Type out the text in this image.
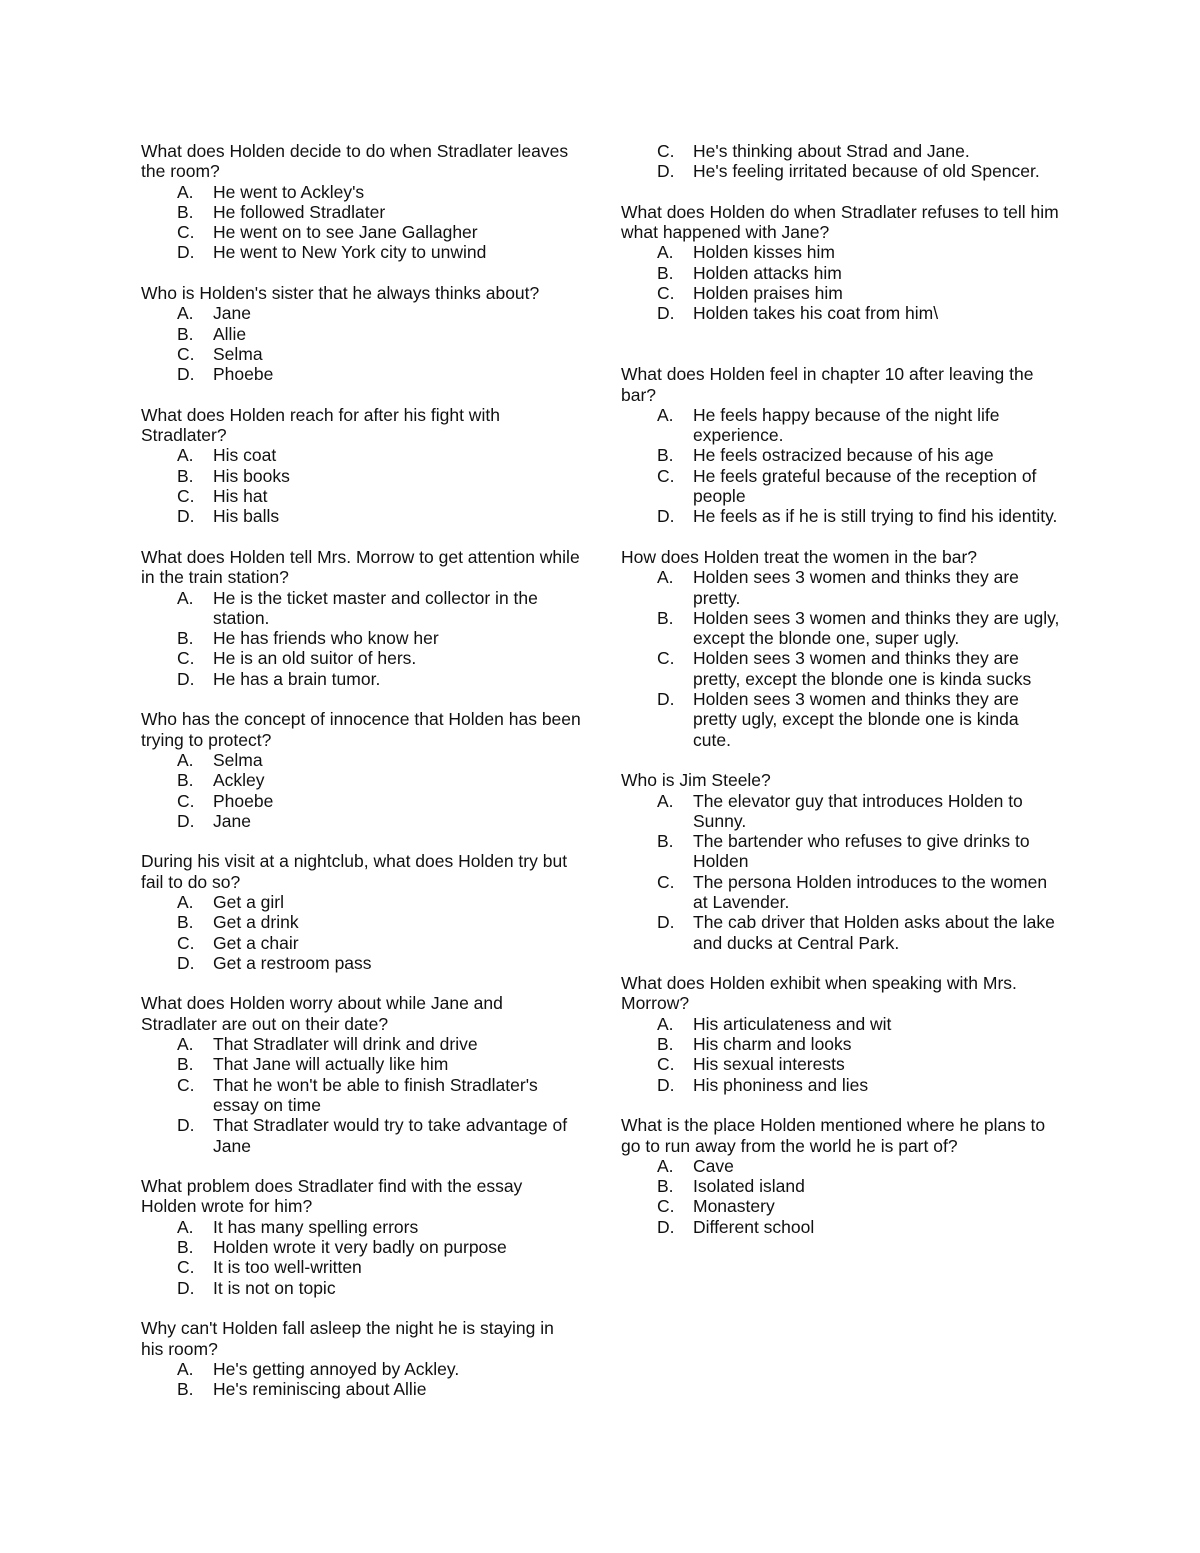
What does Holden decide to do when Stradlater leaves the room?
A.	He went to Ackley's
B.	He followed Stradlater
C.	He went on to see Jane Gallagher
D.	He went to New York city to unwind
Who is Holden's sister that he always thinks about?
A.	Jane
B.	Allie
C.	Selma
D.	Phoebe
What does Holden reach for after his fight with Stradlater?
A.	His coat
B.	His books
C.	His hat
D.	His balls
What does Holden tell Mrs. Morrow to get attention while in the train station?
A.	He is the ticket master and collector in the station.
B.	He has friends who know her
C.	He is an old suitor of hers.
D.	He has a brain tumor.
Who has the concept of innocence that Holden has been trying to protect?
A.	Selma
B.	Ackley
C.	Phoebe
D.	Jane
During his visit at a nightclub, what does Holden try but fail to do so?
A.	Get a girl
B.	Get a drink
C.	Get a chair
D.	Get a restroom pass
What does Holden worry about while Jane and Stradlater are out on their date?
A.	That Stradlater will drink and drive
B.	That Jane will actually like him
C.	That he won't be able to finish Stradlater's essay on time
D.	That Stradlater would try to take advantage of Jane
What problem does Stradlater find with the essay Holden wrote for him?
A.	It has many spelling errors
B.	Holden wrote it very badly on purpose
C.	It is too well-written
D.	It is not on topic
Why can't Holden fall asleep the night he is staying in his room?
A.	He's getting annoyed by Ackley.
B.	He's reminiscing about Allie
C.	He's thinking about Strad and Jane.
D.	He's feeling irritated because of old Spencer.
What does Holden do when Stradlater refuses to tell him what happened with Jane?
A.	Holden kisses him
B.	Holden attacks him
C.	Holden praises him
D.	Holden takes his coat from him\
What does Holden feel in chapter 10 after leaving the bar?
A.	He feels happy because of the night life experience.
B.	He feels ostracized because of his age
C.	He feels grateful because of the reception of people
D.	He feels as if he is still trying to find his identity.
How does Holden treat the women in the bar?
A.	Holden sees 3 women and thinks they are pretty.
B.	Holden sees 3 women and thinks they are ugly, except the blonde one, super ugly.
C.	Holden sees 3 women and thinks they are pretty, except the blonde one is kinda sucks
D.	Holden sees 3 women and thinks they are pretty ugly, except the blonde one is kinda cute.
Who is Jim Steele?
A.	The elevator guy that introduces Holden to Sunny.
B.	The bartender who refuses to give drinks to Holden
C.	The persona Holden introduces to the women at Lavender.
D.	The cab driver that Holden asks about the lake and ducks at Central Park.
What does Holden exhibit when speaking with Mrs. Morrow?
A.	His articulateness and wit
B.	His charm and looks
C.	His sexual interests
D.	His phoniness and lies
What is the place Holden mentioned where he plans to go to run away from the world he is part of?
A.	Cave
B.	Isolated island
C.	Monastery
D.	Different school
